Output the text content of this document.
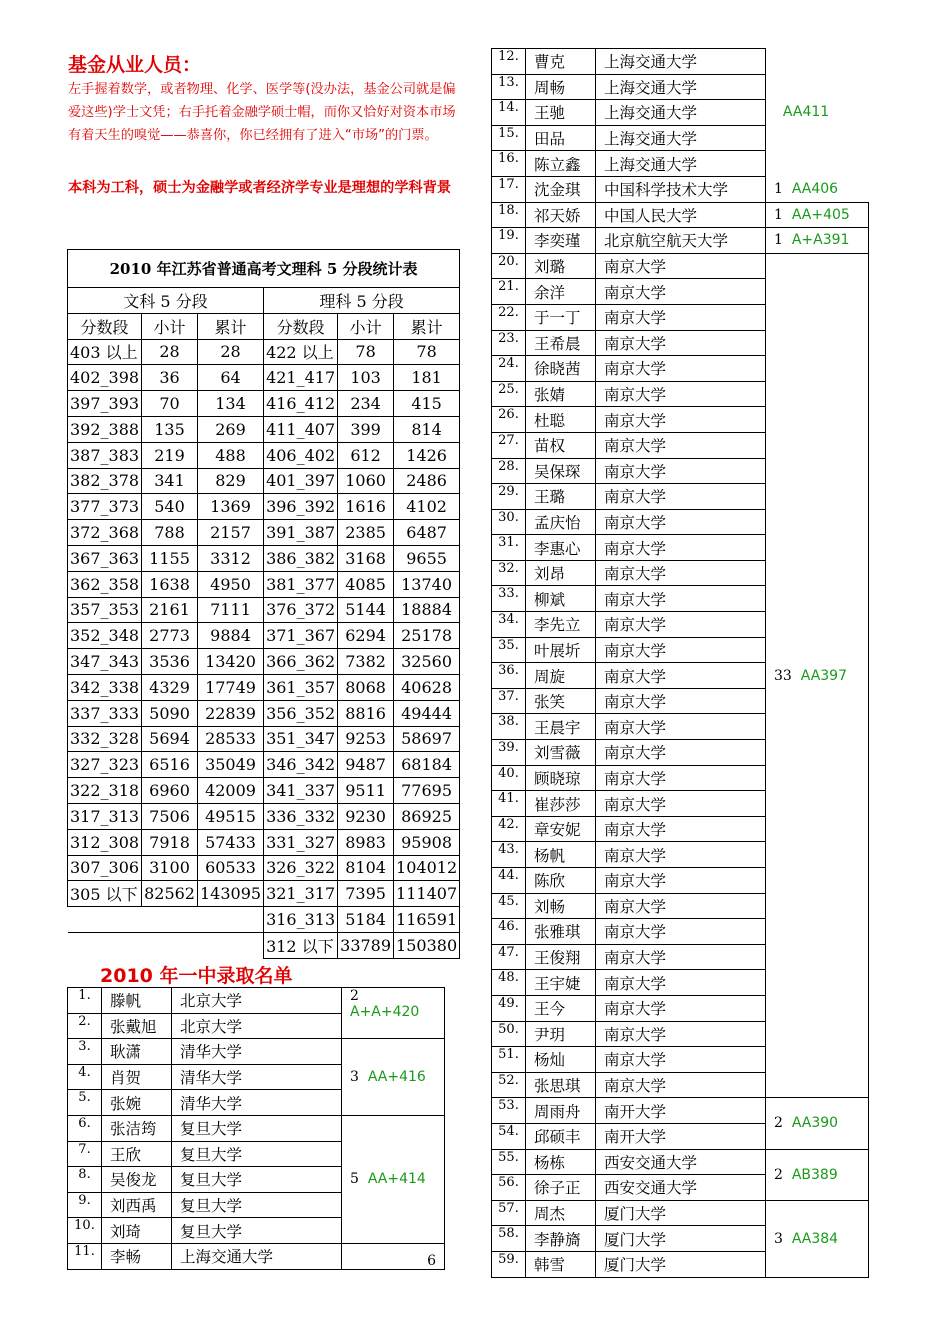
基金从业人员：
左手握着数学，或者物理、化学、医学等(没办法，基金公司就是偏爱这些)学士文凭；右手托着金融学硕士帽，而你又恰好对资本市场有着天生的嗅觉——恭喜你，你已经拥有了进入“市场”的门票。
本科为工科，硕士为金融学或者经济学专业是理想的学科背景
2010 年江苏省普通高考文理科 5 分段统计表					
文科 5 分段			理科 5 分段		
分数段	小计	累计	分数段	小计	累计
403 以上	28	28	422 以上	78	78
402_398	36	64	421_417	103	181
397_393	70	134	416_412	234	415
392_388	135	269	411_407	399	814
387_383	219	488	406_402	612	1426
382_378	341	829	401_397	1060	2486
377_373	540	1369	396_392	1616	4102
372_368	788	2157	391_387	2385	6487
367_363	1155	3312	386_382	3168	9655
362_358	1638	4950	381_377	4085	13740
357_353	2161	7111	376_372	5144	18884
352_348	2773	9884	371_367	6294	25178
347_343	3536	13420	366_362	7382	32560
342_338	4329	17749	361_357	8068	40628
337_333	5090	22839	356_352	8816	49444
332_328	5694	28533	351_347	9253	58697
327_323	6516	35049	346_342	9487	68184
322_318	6960	42009	341_337	9511	77695
317_313	7506	49515	336_332	9230	86925
312_308	7918	57433	331_327	8983	95908
307_306	3100	60533	326_322	8104	104012
305 以下	82562	143095	321_317	7395	111407
			316_313	5184	116591
			312 以下	33789	150380
2010 年一中录取名单
1.	滕帆	北京大学	2
A+A+420
2.	张戴旭	北京大学	
3.	耿潇	清华大学	3 AA+416
4.	肖贺	清华大学	
5.	张婉	清华大学	
6.	张洁筠	复旦大学	5 AA+414
7.	王欣	复旦大学	
8.	吴俊龙	复旦大学	
9.	刘西禹	复旦大学	
10.	刘琦	复旦大学	
11.	李畅	上海交通大学	6
12.	曹克	上海交通大学	AA411
13.	周畅	上海交通大学	
14.	王驰	上海交通大学	
15.	田品	上海交通大学	
16.	陈立鑫	上海交通大学	
17.	沈金琪	中国科学技术大学	1 AA406
18.	祁天娇	中国人民大学	1 AA+405
19.	李奕瑾	北京航空航天大学	1 A+A391
20.	刘璐	南京大学	33 AA397
21.	余洋	南京大学	
22.	于一丁	南京大学	
23.	王希晨	南京大学	
24.	徐晓茜	南京大学	
25.	张婧	南京大学	
26.	杜聪	南京大学	
27.	苗权	南京大学	
28.	吴保琛	南京大学	
29.	王璐	南京大学	
30.	孟庆怡	南京大学	
31.	李惠心	南京大学	
32.	刘昂	南京大学	
33.	柳斌	南京大学	
34.	李先立	南京大学	
35.	叶展圻	南京大学	
36.	周旋	南京大学	
37.	张笑	南京大学	
38.	王晨宇	南京大学	
39.	刘雪薇	南京大学	
40.	顾晓琼	南京大学	
41.	崔莎莎	南京大学	
42.	章安妮	南京大学	
43.	杨帆	南京大学	
44.	陈欣	南京大学	
45.	刘畅	南京大学	
46.	张雅琪	南京大学	
47.	王俊翔	南京大学	
48.	王宇婕	南京大学	
49.	王今	南京大学	
50.	尹玥	南京大学	
51.	杨灿	南京大学	
52.	张思琪	南京大学	
53.	周雨舟	南开大学	2 AA390
54.	邱硕丰	南开大学	
55.	杨栋	西安交通大学	2 AB389
56.	徐子正	西安交通大学	
57.	周杰	厦门大学	3 AA384
58.	李静旖	厦门大学	
59.	韩雪	厦门大学	
